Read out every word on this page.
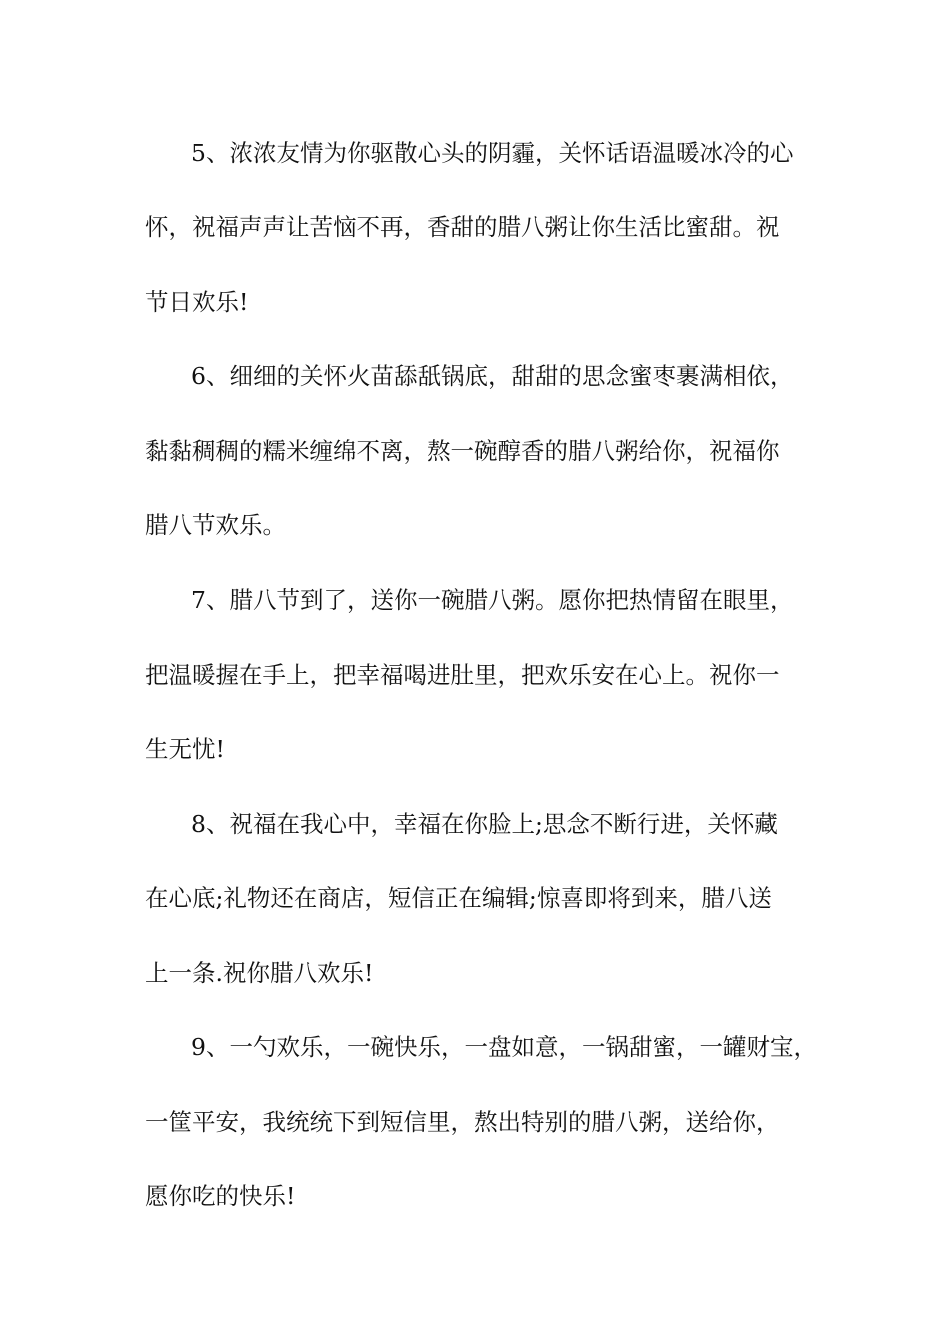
5、浓浓友情为你驱散心头的阴霾，关怀话语温暖冰冷的心
怀，祝福声声让苦恼不再，香甜的腊八粥让你生活比蜜甜。祝
节日欢乐!
6、细细的关怀火苗舔舐锅底，甜甜的思念蜜枣裹满相依，
黏黏稠稠的糯米缠绵不离，熬一碗醇香的腊八粥给你，祝福你
腊八节欢乐。
7、腊八节到了，送你一碗腊八粥。愿你把热情留在眼里，
把温暖握在手上，把幸福喝进肚里，把欢乐安在心上。祝你一
生无忧!
8、祝福在我心中，幸福在你脸上;思念不断行进，关怀藏
在心底;礼物还在商店，短信正在编辑;惊喜即将到来，腊八送
上一条.祝你腊八欢乐!
9、一勺欢乐，一碗快乐，一盘如意，一锅甜蜜，一罐财宝，
一筐平安，我统统下到短信里，熬出特别的腊八粥，送给你，
愿你吃的快乐!
